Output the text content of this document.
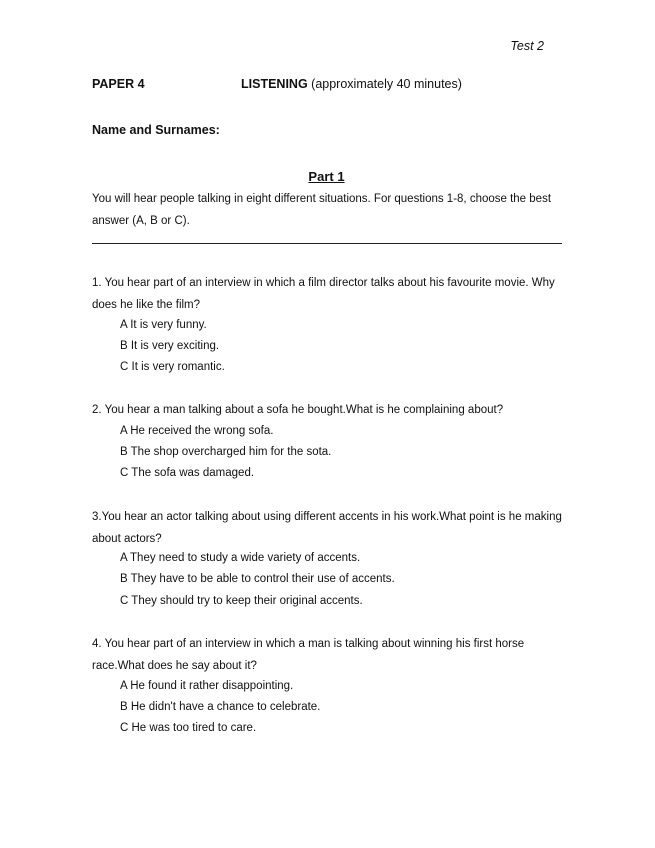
Test 2
PAPER 4	LISTENING (approximately 40 minutes)
Name and Surnames:
Part 1
You will hear people talking in eight different situations. For questions 1-8, choose the best answer (A, B or C).
1. You hear part of an interview in which a film director talks about his favourite movie. Why does he like the film?
A It is very funny.
B It is very exciting.
C It is very romantic.
2. You hear a man talking about a sofa he bought.What is he complaining about?
A He received the wrong sofa.
B The shop overcharged him for the sota.
C The sofa was damaged.
3.You hear an actor talking about using different accents in his work.What point is he making about actors?
A They need to study a wide variety of accents.
B They have to be able to control their use of accents.
C They should try to keep their original accents.
4. You hear part of an interview in which a man is talking about winning his first horse race.What does he say about it?
A He found it rather disappointing.
B He didn't have a chance to celebrate.
C He was too tired to care.
